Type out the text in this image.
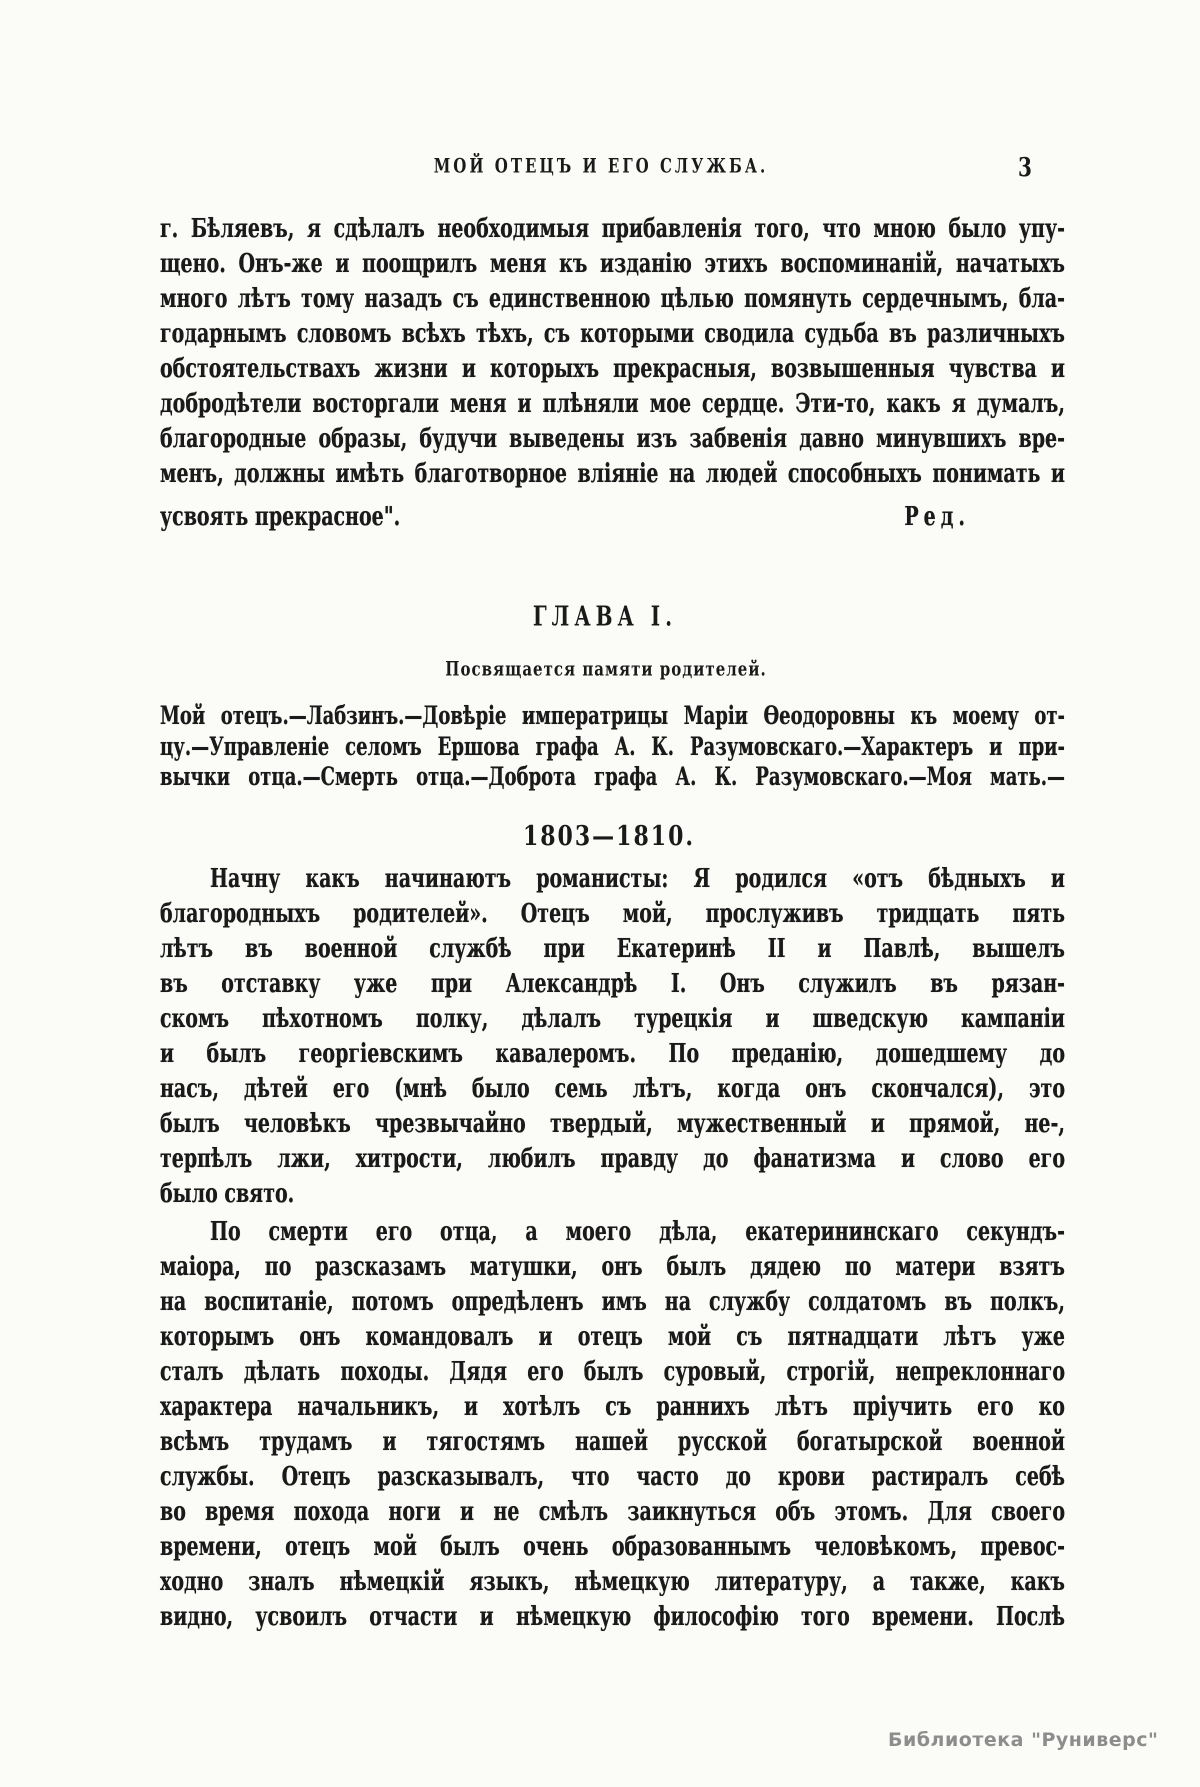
МОЙ ОТЕЦЪ И ЕГО СЛУЖБА.	3
г. Бѣляевъ, я сдѣлалъ необходимыя прибавленія того, что мною было упу-
щено. Онъ-же и поощрилъ меня къ изданію этихъ воспоминаній, начатыхъ
много лѣтъ тому назадъ съ единственною цѣлью помянуть сердечнымъ, бла-
годарнымъ словомъ всѣхъ тѣхъ, съ которыми сводила судьба въ различныхъ
обстоятельствахъ жизни и которыхъ прекрасныя, возвышенныя чувства и
добродѣтели восторгали меня и плѣняли мое сердце. Эти-то, какъ я думалъ,
благородные образы, будучи выведены изъ забвенія давно минувшихъ вре-
менъ, должны имѣть благотворное вліяніе на людей способныхъ понимать и
усвоять прекрасное".	Ред.
ГЛАВА I.
Посвящается памяти родителей.
Мой отецъ.—Лабзинъ.—Довѣріе императрицы Маріи Ѳеодоровны къ моему от-
цу.—Управленіе селомъ Ершова графа А. К. Разумовскаго.—Характеръ и при-
вычки отца.—Смерть отца.—Доброта графа А. К. Разумовскаго.—Моя мать.—
1803—1810.
Начну какъ начинаютъ романисты: Я родился «отъ бѣдныхъ и
благородныхъ родителей». Отецъ мой, прослуживъ тридцать пять
лѣтъ въ военной службѣ при Екатеринѣ II и Павлѣ, вышелъ
въ отставку уже при Александрѣ I. Онъ служилъ въ рязан-
скомъ пѣхотномъ полку, дѣлалъ турецкія и шведскую кампаніи
и былъ георгіевскимъ кавалеромъ. По преданію, дошедшему до
насъ, дѣтей его (мнѣ было семь лѣтъ, когда онъ скончался), это
былъ человѣкъ чрезвычайно твердый, мужественный и прямой, не-,
терпѣлъ лжи, хитрости, любилъ правду до фанатизма и слово его
было свято.
По смерти его отца, а моего дѣла, екатерининскаго секундъ-
маіора, по разсказамъ матушки, онъ былъ дядею по матери взятъ
на воспитаніе, потомъ опредѣленъ имъ на службу солдатомъ въ полкъ,
которымъ онъ командовалъ и отецъ мой съ пятнадцати лѣтъ уже
сталъ дѣлать походы. Дядя его былъ суровый, строгій, непреклоннаго
характера начальникъ, и хотѣлъ съ раннихъ лѣтъ пріучить его ко
всѣмъ трудамъ и тягостямъ нашей русской богатырской военной
службы. Отецъ разсказывалъ, что часто до крови растиралъ себѣ
во время похода ноги и не смѣлъ заикнуться объ этомъ. Для своего
времени, отецъ мой былъ очень образованнымъ человѣкомъ, превос-
ходно зналъ нѣмецкій языкъ, нѣмецкую литературу, а также, какъ
видно, усвоилъ отчасти и нѣмецкую философію того времени. Послѣ
Библиотека "Руниверс"
